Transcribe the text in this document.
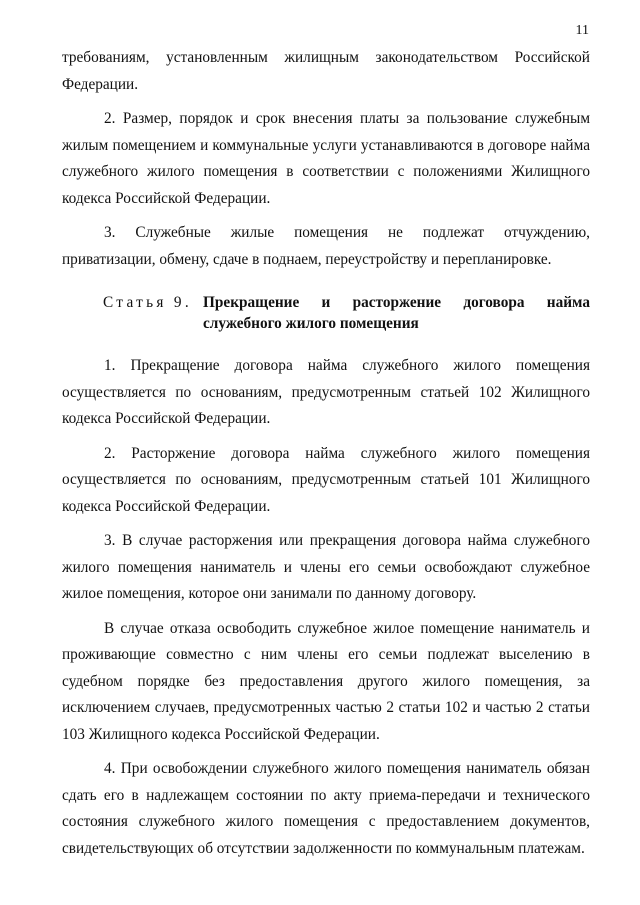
11

требованиям, установленным жилищным законодательством Российской Федерации.

2. Размер, порядок и срок внесения платы за пользование служебным жилым помещением и коммунальные услуги устанавливаются в договоре найма служебного жилого помещения в соответствии с положениями Жилищного кодекса Российской Федерации.

3. Служебные жилые помещения не подлежат отчуждению, приватизации, обмену, сдаче в поднаем, переустройству и перепланировке.

Статья 9. Прекращение и расторжение договора найма служебного жилого помещения

1. Прекращение договора найма служебного жилого помещения осуществляется по основаниям, предусмотренным статьей 102 Жилищного кодекса Российской Федерации.

2. Расторжение договора найма служебного жилого помещения осуществляется по основаниям, предусмотренным статьей 101 Жилищного кодекса Российской Федерации.

3. В случае расторжения или прекращения договора найма служебного жилого помещения наниматель и члены его семьи освобождают служебное жилое помещения, которое они занимали по данному договору.

В случае отказа освободить служебное жилое помещение наниматель и проживающие совместно с ним члены его семьи подлежат выселению в судебном порядке без предоставления другого жилого помещения, за исключением случаев, предусмотренных частью 2 статьи 102 и частью 2 статьи 103 Жилищного кодекса Российской Федерации.

4. При освобождении служебного жилого помещения наниматель обязан сдать его в надлежащем состоянии по акту приема-передачи и технического состояния служебного жилого помещения с предоставлением документов, свидетельствующих об отсутствии задолженности по коммунальным платежам.
